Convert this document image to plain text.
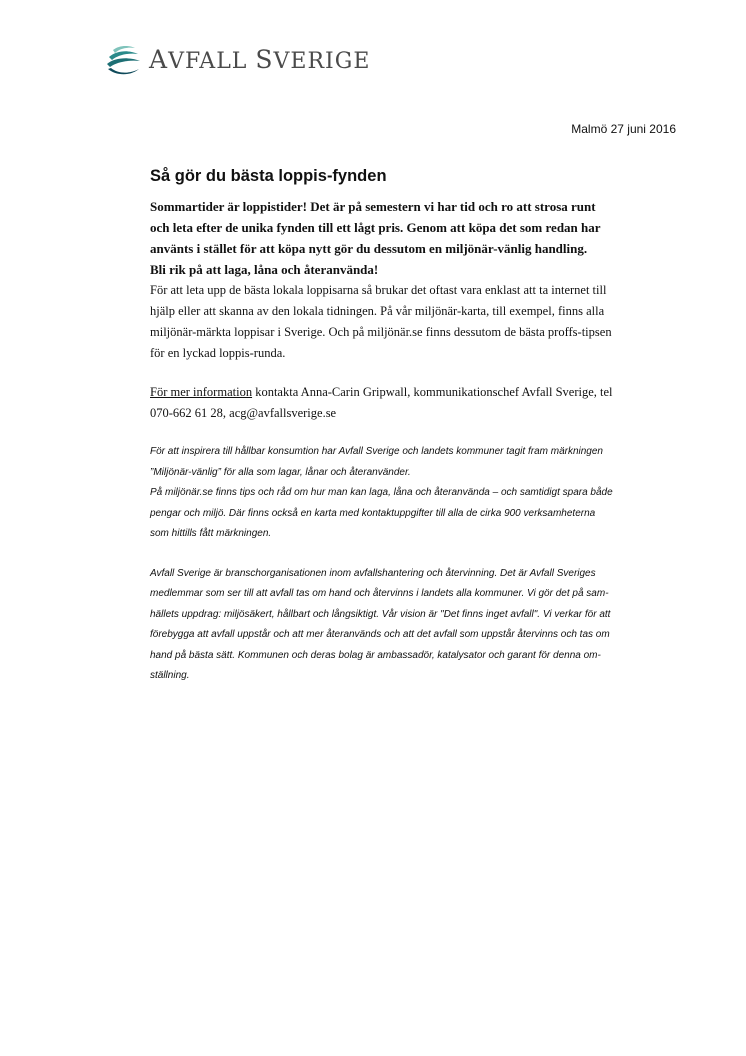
AVFALL SVERIGE
Malmö 27 juni 2016
Så gör du bästa loppis-fynden

Sommartider är loppistider! Det är på semestern vi har tid och ro att strosa runt
och leta efter de unika fynden till ett lågt pris. Genom att köpa det som redan har
använts i stället för att köpa nytt gör du dessutom en miljönär-vänlig handling.
Bli rik på att laga, låna och återanvända!

För att leta upp de bästa lokala loppisarna så brukar det oftast vara enklast att ta internet till
hjälp eller att skanna av den lokala tidningen. På vår miljönär-karta, till exempel, finns alla
miljönär-märkta loppisar i Sverige. Och på miljönär.se finns dessutom de bästa proffs-tipsen
för en lyckad loppis-runda.

För mer information kontakta Anna-Carin Gripwall, kommunikationschef Avfall Sverige, tel
070-662 61 28, acg@avfallsverige.se

För att inspirera till hållbar konsumtion har Avfall Sverige och landets kommuner tagit fram märkningen
”Miljönär-vänlig” för alla som lagar, lånar och återanvänder.
På miljönär.se finns tips och råd om hur man kan laga, låna och återanvända – och samtidigt spara både
pengar och miljö. Där finns också en karta med kontaktuppgifter till alla de cirka 900 verksamheterna
som hittills fått märkningen.

Avfall Sverige är branschorganisationen inom avfallshantering och återvinning. Det är Avfall Sveriges
medlemmar som ser till att avfall tas om hand och återvinns i landets alla kommuner. Vi gör det på sam-
hällets uppdrag: miljösäkert, hållbart och långsiktigt. Vår vision är "Det finns inget avfall". Vi verkar för att
förebygga att avfall uppstår och att mer återanvänds och att det avfall som uppstår återvinns och tas om
hand på bästa sätt. Kommunen och deras bolag är ambassadör, katalysator och garant för denna om-
ställning.
